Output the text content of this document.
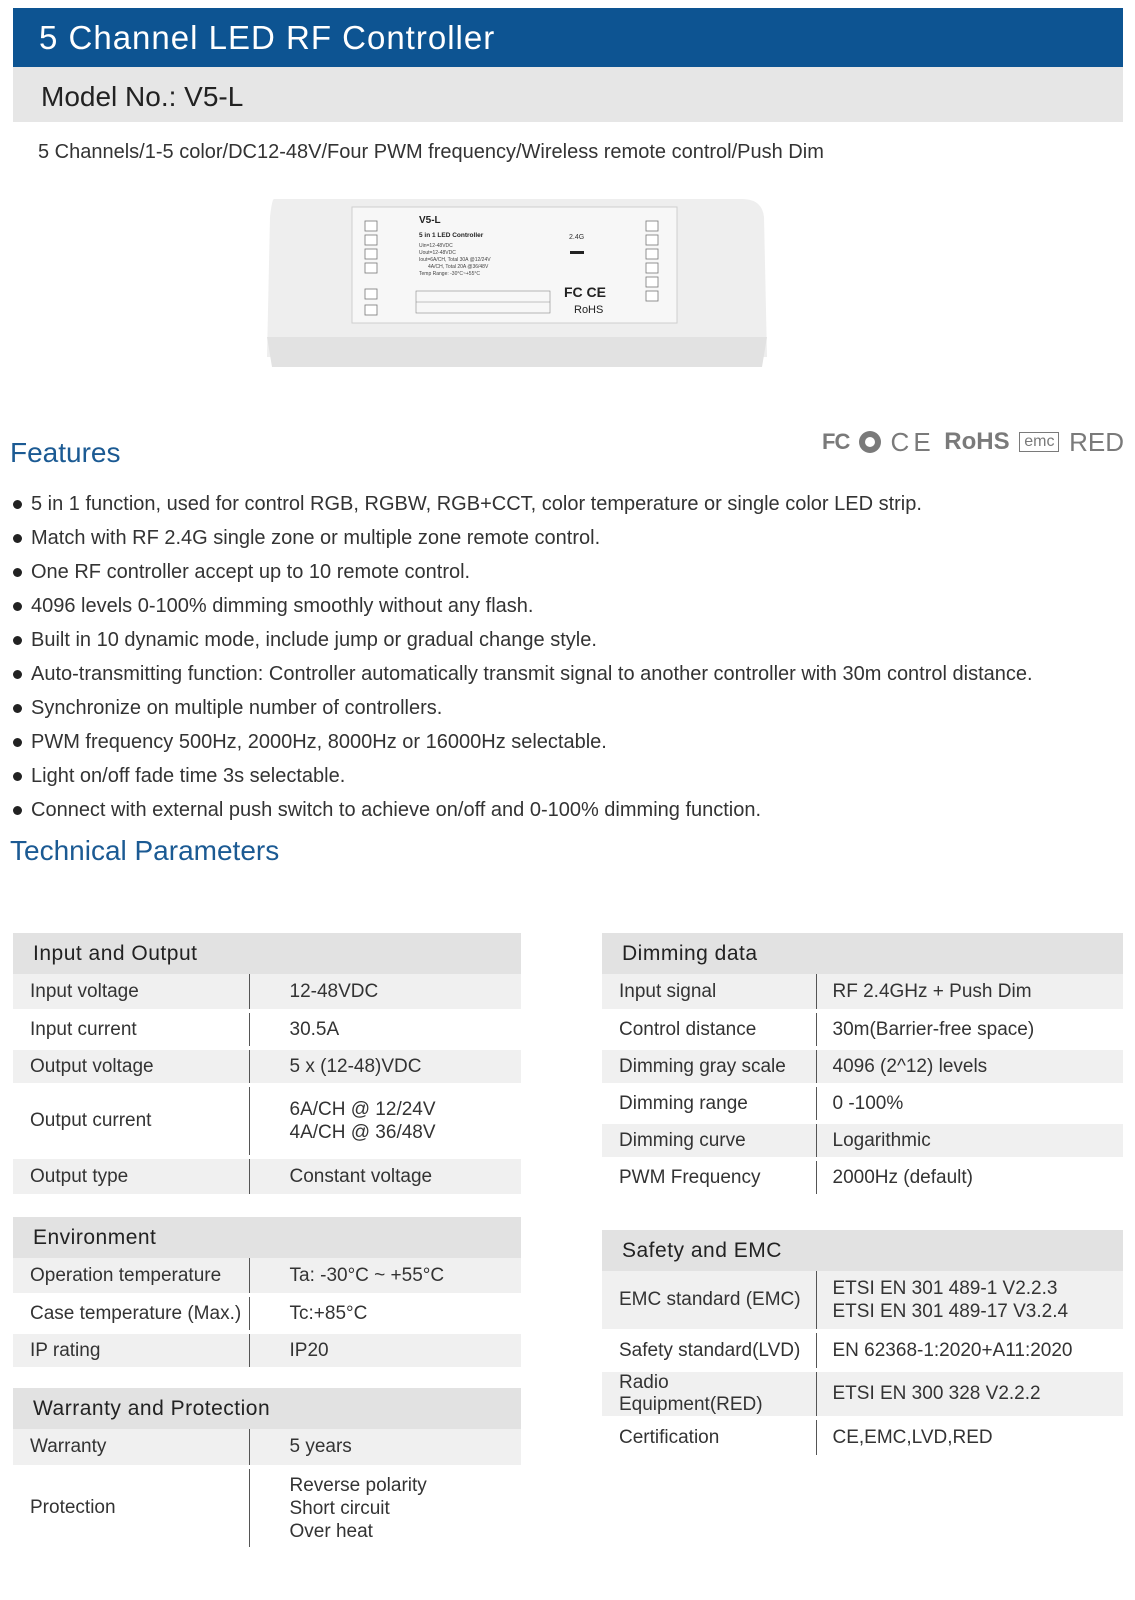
5 Channel LED RF Controller
Model No.: V5-L
5 Channels/1-5 color/DC12-48V/Four PWM frequency/Wireless remote control/Push Dim
V5-L
5 in 1 LED Controller
Uin=12-48VDC
Uout=12-48VDC
Iout=6A/CH, Total 30A @12/24V
4A/CH, Total 20A @36/48V
Temp Range: -30°C~+55°C
2.4G
FC CE
RoHS
FC CE RoHS emc RED
Features
5 in 1 function, used for control RGB, RGBW, RGB+CCT, color temperature or single color LED strip.
Match with RF 2.4G single zone or multiple zone remote control.
One RF controller accept up to 10 remote control.
4096 levels 0-100% dimming smoothly without any flash.
Built in 10 dynamic mode, include jump or gradual change style.
Auto-transmitting function: Controller automatically transmit signal to another controller with 30m control distance.
Synchronize on multiple number of controllers.
PWM frequency 500Hz, 2000Hz, 8000Hz or 16000Hz selectable.
Light on/off fade time 3s selectable.
Connect with external push switch to achieve on/off and 0-100% dimming function.
Technical Parameters
Input and Output	
Input voltage	12-48VDC
Input current	30.5A
Output voltage	5 x (12-48)VDC
Output current	6A/CH @ 12/24V
4A/CH @ 36/48V

Output type	Constant voltage
Environment	
Operation temperature	Ta: -30°C ~ +55°C
Case temperature (Max.)	Tc:+85°C
IP rating	IP20
Warranty and Protection	
Warranty	5 years
Protection	Reverse polarity
Short circuit
Over heat
Dimming data	
Input signal	RF 2.4GHz + Push Dim
Control distance	30m(Barrier-free space)
Dimming gray scale	4096 (2^12) levels
Dimming range	0 -100%
Dimming curve	Logarithmic
PWM Frequency	2000Hz (default)
Safety and EMC	
EMC standard (EMC)	ETSI EN 301 489-1 V2.2.3
ETSI EN 301 489-17 V3.2.4

Safety standard(LVD)	EN 62368-1:2020+A11:2020
Radio Equipment(RED)	ETSI EN 300 328 V2.2.2
Certification	CE,EMC,LVD,RED
